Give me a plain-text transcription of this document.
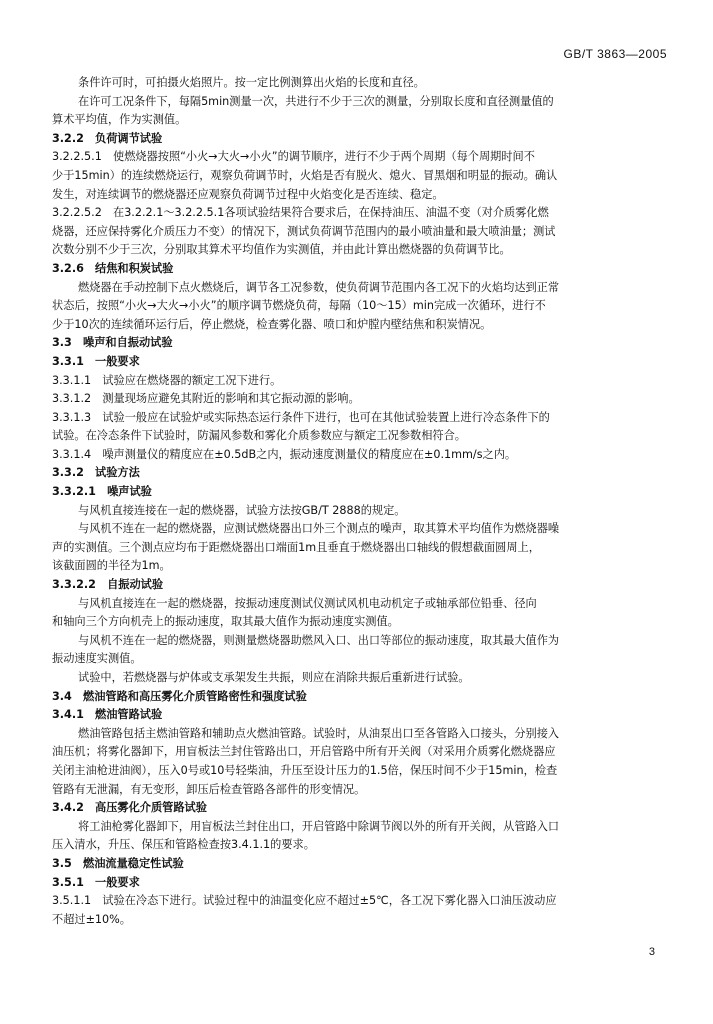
GB/T 3863—2005
条件许可时，可拍摄火焰照片。按一定比例测算出火焰的长度和直径。
在许可工况条件下，每隔5min测量一次，共进行不少于三次的测量，分别取长度和直径测量值的
算术平均值，作为实测值。
3.2.2　负荷调节试验
3.2.2.5.1　使燃烧器按照“小火→大火→小火”的调节顺序，进行不少于两个周期（每个周期时间不
少于15min）的连续燃烧运行，观察负荷调节时，火焰是否有脱火、熄火、冒黑烟和明显的振动。确认
发生，对连续调节的燃烧器还应观察负荷调节过程中火焰变化是否连续、稳定。
3.2.2.5.2　在3.2.2.1～3.2.2.5.1各项试验结果符合要求后，在保持油压、油温不变（对介质雾化燃
烧器，还应保持雾化介质压力不变）的情况下，测试负荷调节范围内的最小喷油量和最大喷油量；测试
次数分别不少于三次，分别取其算术平均值作为实测值，并由此计算出燃烧器的负荷调节比。
3.2.6　结焦和积炭试验
燃烧器在手动控制下点火燃烧后，调节各工况参数，使负荷调节范围内各工况下的火焰均达到正常
状态后，按照“小火→大火→小火”的顺序调节燃烧负荷，每隔（10～15）min完成一次循环，进行不
少于10次的连续循环运行后，停止燃烧，检查雾化器、喷口和炉膛内壁结焦和积炭情况。
3.3　噪声和自振动试验
3.3.1　一般要求
3.3.1.1　试验应在燃烧器的额定工况下进行。
3.3.1.2　测量现场应避免其附近的影响和其它振动源的影响。
3.3.1.3　试验一般应在试验炉或实际热态运行条件下进行，也可在其他试验装置上进行冷态条件下的
试验。在冷态条件下试验时，防漏风参数和雾化介质参数应与额定工况参数相符合。
3.3.1.4　噪声测量仪的精度应在±0.5dB之内，振动速度测量仪的精度应在±0.1mm/s之内。
3.3.2　试验方法
3.3.2.1　噪声试验
与风机直接连接在一起的燃烧器，试验方法按GB/T 2888的规定。
与风机不连在一起的燃烧器，应测试燃烧器出口外三个测点的噪声，取其算术平均值作为燃烧器噪
声的实测值。三个测点应均布于距燃烧器出口端面1m且垂直于燃烧器出口轴线的假想截面圆周上，
该截面圆的半径为1m。
3.3.2.2　自振动试验
与风机直接连在一起的燃烧器，按振动速度测试仪测试风机电动机定子或轴承部位铅垂、径向
和轴向三个方向机壳上的振动速度，取其最大值作为振动速度实测值。
与风机不连在一起的燃烧器，则测量燃烧器助燃风入口、出口等部位的振动速度，取其最大值作为
振动速度实测值。
试验中，若燃烧器与炉体或支承架发生共振，则应在消除共振后重新进行试验。
3.4　燃油管路和高压雾化介质管路密性和强度试验
3.4.1　燃油管路试验
燃油管路包括主燃油管路和辅助点火燃油管路。试验时，从油泵出口至各管路入口接头，分别接入
油压机；将雾化器卸下，用盲板法兰封住管路出口，开启管路中所有开关阀（对采用介质雾化燃烧器应
关闭主油枪进油阀），压入0号或10号轻柴油，升压至设计压力的1.5倍，保压时间不少于15min，检查
管路有无泄漏，有无变形，卸压后检查管路各部件的形变情况。
3.4.2　高压雾化介质管路试验
将工油枪雾化器卸下，用盲板法兰封住出口，开启管路中除调节阀以外的所有开关阀，从管路入口
压入清水，升压、保压和管路检查按3.4.1.1的要求。
3.5　燃油流量稳定性试验
3.5.1　一般要求
3.5.1.1　试验在冷态下进行。试验过程中的油温变化应不超过±5℃，各工况下雾化器入口油压波动应
不超过±10%。
3
